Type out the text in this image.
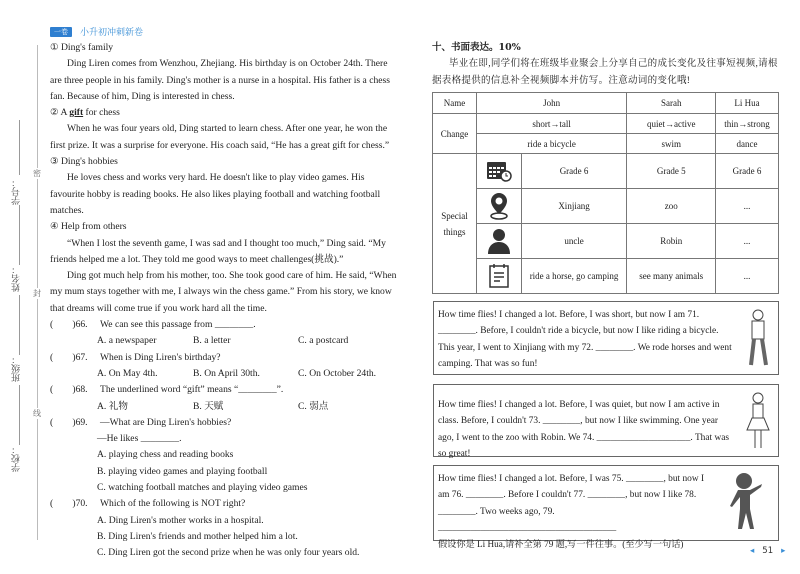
一卷	小升初冲刺新卷
学号：
姓名：
班级：
学校：
密
封
线
① Ding's family
Ding Liren comes from Wenzhou, Zhejiang. His birthday is on October 24th. There are three people in his family. Ding's mother is a nurse in a hospital. His father is a chess fan. Because of him, Ding is interested in chess.
② A gift for chess
When he was four years old, Ding started to learn chess. After one year, he won the first prize. It was a surprise for everyone. His coach said, “He has a great gift for chess.”
③ Ding's hobbies
He loves chess and works very hard. He doesn't like to play video games. His favourite hobby is reading books. He also likes playing football and watching football matches.
④ Help from others
“When I lost the seventh game, I was sad and I thought too much,” Ding said. “My friends helped me a lot. They told me good ways to meet challenges(挑战).”
Ding got much help from his mother, too. She took good care of him. He said, “When my mum stays together with me, I always win the chess game.” From his story, we know that dreams will come true if you work hard all the time.
(　　)66.	We can see this passage from ________.
A. a newspaper	B. a letter	C. a postcard
(　　)67.	When is Ding Liren's birthday?
A. On May 4th.	B. On April 30th.	C. On October 24th.
(　　)68.	The underlined word “gift” means “________”.
A. 礼物	B. 天赋	C. 弱点
(　　)69.	—What are Ding Liren's hobbies?
—He likes ________.
A. playing chess and reading books
B. playing video games and playing football
C. watching football matches and playing video games
(　　)70.	Which of the following is NOT right?
A. Ding Liren's mother works in a hospital.
B. Ding Liren's friends and mother helped him a lot.
C. Ding Liren got the second prize when he was only four years old.
十、书面表达。10%
毕业在即,同学们将在班级毕业聚会上分享自己的成长变化及往事短视频,请根据表格提供的信息补全视频脚本并仿写。注意动词的变化哦!
Name	John		Sarah	Li Hua
Change	short→tall		quiet→active	thin→strong
	ride a bicycle		swim	dance
Special things		Grade 6	Grade 5	Grade 6

	Xinjiang	zoo	...

	uncle	Robin	...

	ride a horse, go camping	see many animals	...
How time flies! I changed a lot. Before, I was short, but now I am 71. ________. Before, I couldn't ride a bicycle, but now I like riding a bicycle. This year, I went to Xinjiang with my 72. ________. We rode horses and went camping. That was so fun!
How time flies! I changed a lot. Before, I was quiet, but now I am active in class. Before, I couldn't 73. ________, but now I like swimming. One year ago, I went to the zoo with Robin. We 74. ____________________. That was so great!
How time flies! I changed a lot. Before, I was 75. ________, but now I am 76. ________. Before I couldn't 77. ________, but now I like 78. ________. Two weeks ago, 79. ______________________________________
假设你是 Li Hua,请补全第 79 题,写一件往事。(至少写一句话)
◂ 51 ▸
